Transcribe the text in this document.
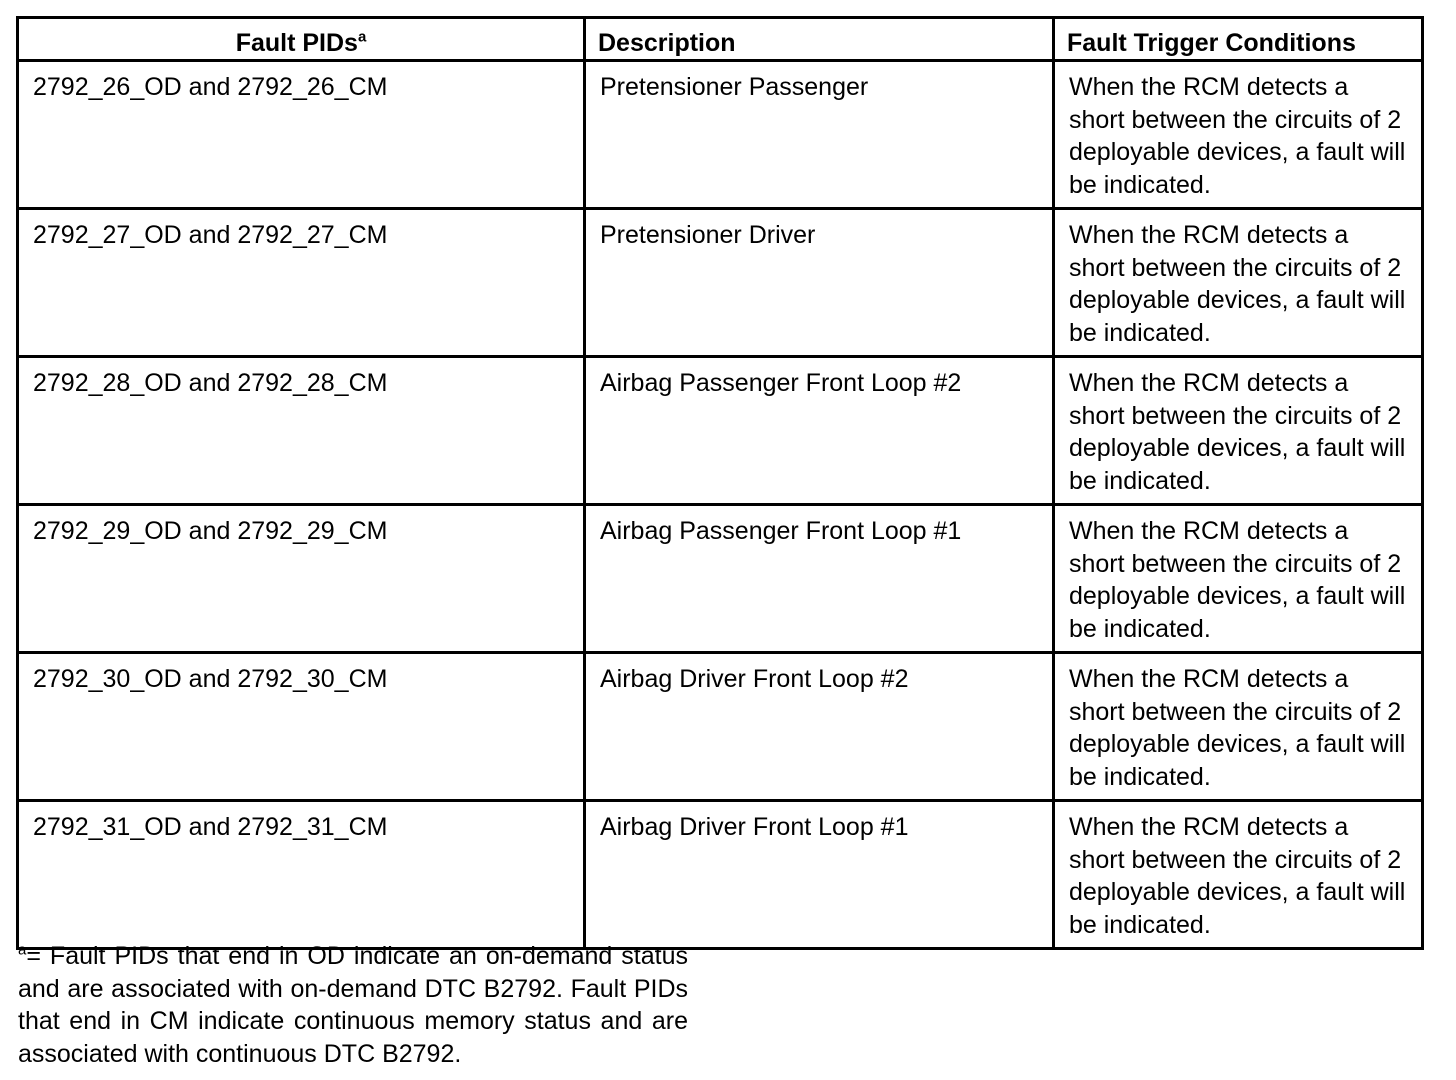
Fault PIDs$^a$	Description	Fault Trigger Conditions
2792_26_OD and 2792_26_CM	Pretensioner Passenger	When the RCM detects a short between the circuits of 2 deployable devices, a fault will be indicated.
2792_27_OD and 2792_27_CM	Pretensioner Driver	When the RCM detects a short between the circuits of 2 deployable devices, a fault will be indicated.
2792_28_OD and 2792_28_CM	Airbag Passenger Front Loop #2	When the RCM detects a short between the circuits of 2 deployable devices, a fault will be indicated.
2792_29_OD and 2792_29_CM	Airbag Passenger Front Loop #1	When the RCM detects a short between the circuits of 2 deployable devices, a fault will be indicated.
2792_30_OD and 2792_30_CM	Airbag Driver Front Loop #2	When the RCM detects a short between the circuits of 2 deployable devices, a fault will be indicated.
2792_31_OD and 2792_31_CM	Airbag Driver Front Loop #1	When the RCM detects a short between the circuits of 2 deployable devices, a fault will be indicated.
$^a$= Fault PIDs that end in OD indicate an on-demand status and are associated with on-demand DTC B2792. Fault PIDs that end in CM indicate continuous memory status and are associated with continuous DTC B2792.
